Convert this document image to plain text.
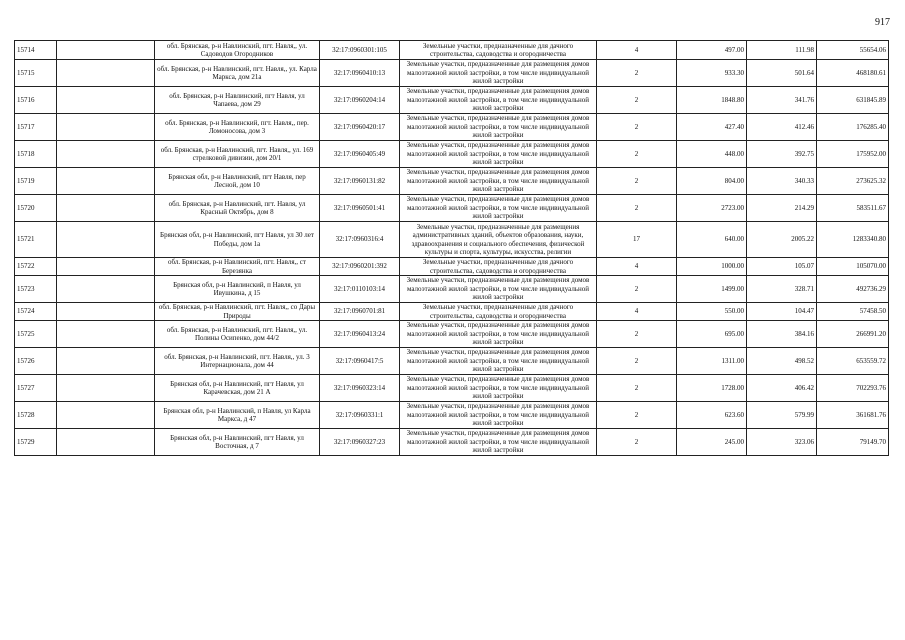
917
15714		обл. Брянская, р-н Навлинский, пгт. Навля,, ул. Садоводов Огородников	32:17:0960301:105	Земельные участки, предназначенные для дачного строительства, садоводства и огородничества	4	497.00	111.98	55654.06
15715		обл. Брянская, р-н Навлинский, пгт. Навля,, ул. Карла Маркса, дом 21а	32:17:0960410:13	Земельные участки, предназначенные для размещения домов малоэтажной жилой застройки, в том числе индивидуальной жилой застройки	2	933.30	501.64	468180.61
15716		обл. Брянская, р-н Навлинский, пгт Навля, ул Чапаева, дом 29	32:17:0960204:14	Земельные участки, предназначенные для размещения домов малоэтажной жилой застройки, в том числе индивидуальной жилой застройки	2	1848.80	341.76	631845.89
15717		обл. Брянская, р-н Навлинский, пгт. Навля,, пер. Ломоносова, дом 3	32:17:0960420:17	Земельные участки, предназначенные для размещения домов малоэтажной жилой застройки, в том числе индивидуальной жилой застройки	2	427.40	412.46	176285.40
15718		обл. Брянская, р-н Навлинский, пгт. Навля,, ул. 169 стрелковой дивизии, дом 20/1	32:17:0960405:49	Земельные участки, предназначенные для размещения домов малоэтажной жилой застройки, в том числе индивидуальной жилой застройки	2	448.00	392.75	175952.00
15719		Брянская обл, р-н Навлинский, пгт Навля, пер Лесной, дом 10	32:17:0960131:82	Земельные участки, предназначенные для размещения домов малоэтажной жилой застройки, в том числе индивидуальной жилой застройки	2	804.00	340.33	273625.32
15720		обл. Брянская, р-н Навлинский, пгт. Навля, ул Красный Октябрь, дом 8	32:17:0960501:41	Земельные участки, предназначенные для размещения домов малоэтажной жилой застройки, в том числе индивидуальной жилой застройки	2	2723.00	214.29	583511.67
15721		Брянская обл, р-н Навлинский, пгт Навля, ул 30 лет Победы, дом 1а	32:17:0960316:4	Земельные участки, предназначенные для размещения административных зданий, объектов образования, науки, здравоохранения и социального обеспечения, физической культуры и спорта, культуры, искусства, религии	17	640.00	2005.22	1283340.80
15722		обл. Брянская, р-н Навлинский, пгт. Навля,, ст Березянка	32:17:0960201:392	Земельные участки, предназначенные для дачного строительства, садоводства и огородничества	4	1000.00	105.07	105070.00
15723		Брянская обл, р-н Навлинский, п Навля, ул Ивушкина, д 15	32:17:0110103:14	Земельные участки, предназначенные для размещения домов малоэтажной жилой застройки, в том числе индивидуальной жилой застройки	2	1499.00	328.71	492736.29
15724		обл. Брянская, р-н Навлинский, пгт. Навля,, со Дары Природы	32:17:0960701:81	Земельные участки, предназначенные для дачного строительства, садоводства и огородничества	4	550.00	104.47	57458.50
15725		обл. Брянская, р-н Навлинский, пгт. Навля,, ул. Полины Осипенко, дом 44/2	32:17:0960413:24	Земельные участки, предназначенные для размещения домов малоэтажной жилой застройки, в том числе индивидуальной жилой застройки	2	695.00	384.16	266991.20
15726		обл. Брянская, р-н Навлинский, пгт. Навля,, ул. 3 Интернационала, дом 44	32:17:0960417:5	Земельные участки, предназначенные для размещения домов малоэтажной жилой застройки, в том числе индивидуальной жилой застройки	2	1311.00	498.52	653559.72
15727		Брянская обл, р-н Навлинский, пгт Навля, ул Карачевская, дом 21 А	32:17:0960323:14	Земельные участки, предназначенные для размещения домов малоэтажной жилой застройки, в том числе индивидуальной жилой застройки	2	1728.00	406.42	702293.76
15728		Брянская обл, р-н Навлинский, п Навля, ул Карла Маркса, д 47	32:17:0960331:1	Земельные участки, предназначенные для размещения домов малоэтажной жилой застройки, в том числе индивидуальной жилой застройки	2	623.60	579.99	361681.76
15729		Брянская обл, р-н Навлинский, пгт Навля, ул Восточная, д 7	32:17:0960327:23	Земельные участки, предназначенные для размещения домов малоэтажной жилой застройки, в том числе индивидуальной жилой застройки	2	245.00	323.06	79149.70
